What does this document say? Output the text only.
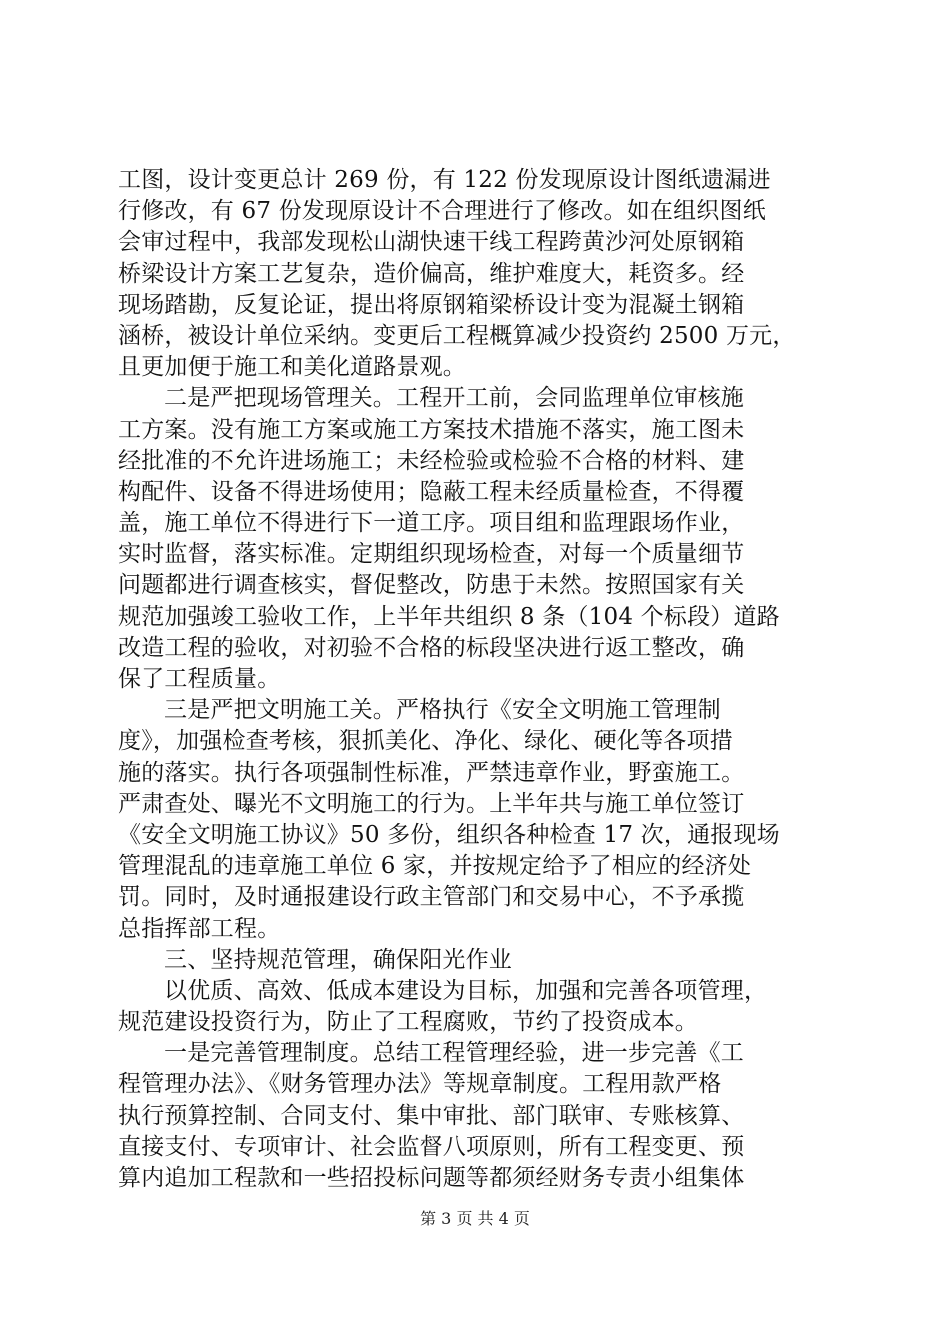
工图，设计变更总计 269 份，有 122 份发现原设计图纸遗漏进
行修改，有 67 份发现原设计不合理进行了修改。如在组织图纸
会审过程中，我部发现松山湖快速干线工程跨黄沙河处原钢箱
桥梁设计方案工艺复杂，造价偏高，维护难度大，耗资多。经
现场踏勘，反复论证，提出将原钢箱梁桥设计变为混凝土钢箱
涵桥，被设计单位采纳。变更后工程概算减少投资约 2500 万元，
且更加便于施工和美化道路景观。
二是严把现场管理关。工程开工前，会同监理单位审核施
工方案。没有施工方案或施工方案技术措施不落实，施工图未
经批准的不允许进场施工；未经检验或检验不合格的材料、建
构配件、设备不得进场使用；隐蔽工程未经质量检查，不得覆
盖，施工单位不得进行下一道工序。项目组和监理跟场作业，
实时监督，落实标准。定期组织现场检查，对每一个质量细节
问题都进行调查核实，督促整改，防患于未然。按照国家有关
规范加强竣工验收工作，上半年共组织 8 条（104 个标段）道路
改造工程的验收，对初验不合格的标段坚决进行返工整改，确
保了工程质量。
三是严把文明施工关。严格执行《安全文明施工管理制
度》，加强检查考核，狠抓美化、净化、绿化、硬化等各项措
施的落实。执行各项强制性标准，严禁违章作业，野蛮施工。
严肃查处、曝光不文明施工的行为。上半年共与施工单位签订
《安全文明施工协议》50 多份，组织各种检查 17 次，通报现场
管理混乱的违章施工单位 6 家，并按规定给予了相应的经济处
罚。同时，及时通报建设行政主管部门和交易中心，不予承揽
总指挥部工程。
三、坚持规范管理，确保阳光作业
以优质、高效、低成本建设为目标，加强和完善各项管理，
规范建设投资行为，防止了工程腐败，节约了投资成本。
一是完善管理制度。总结工程管理经验，进一步完善《工
程管理办法》、《财务管理办法》等规章制度。工程用款严格
执行预算控制、合同支付、集中审批、部门联审、专账核算、
直接支付、专项审计、社会监督八项原则，所有工程变更、预
算内追加工程款和一些招投标问题等都须经财务专责小组集体
第 3 页 共 4 页
